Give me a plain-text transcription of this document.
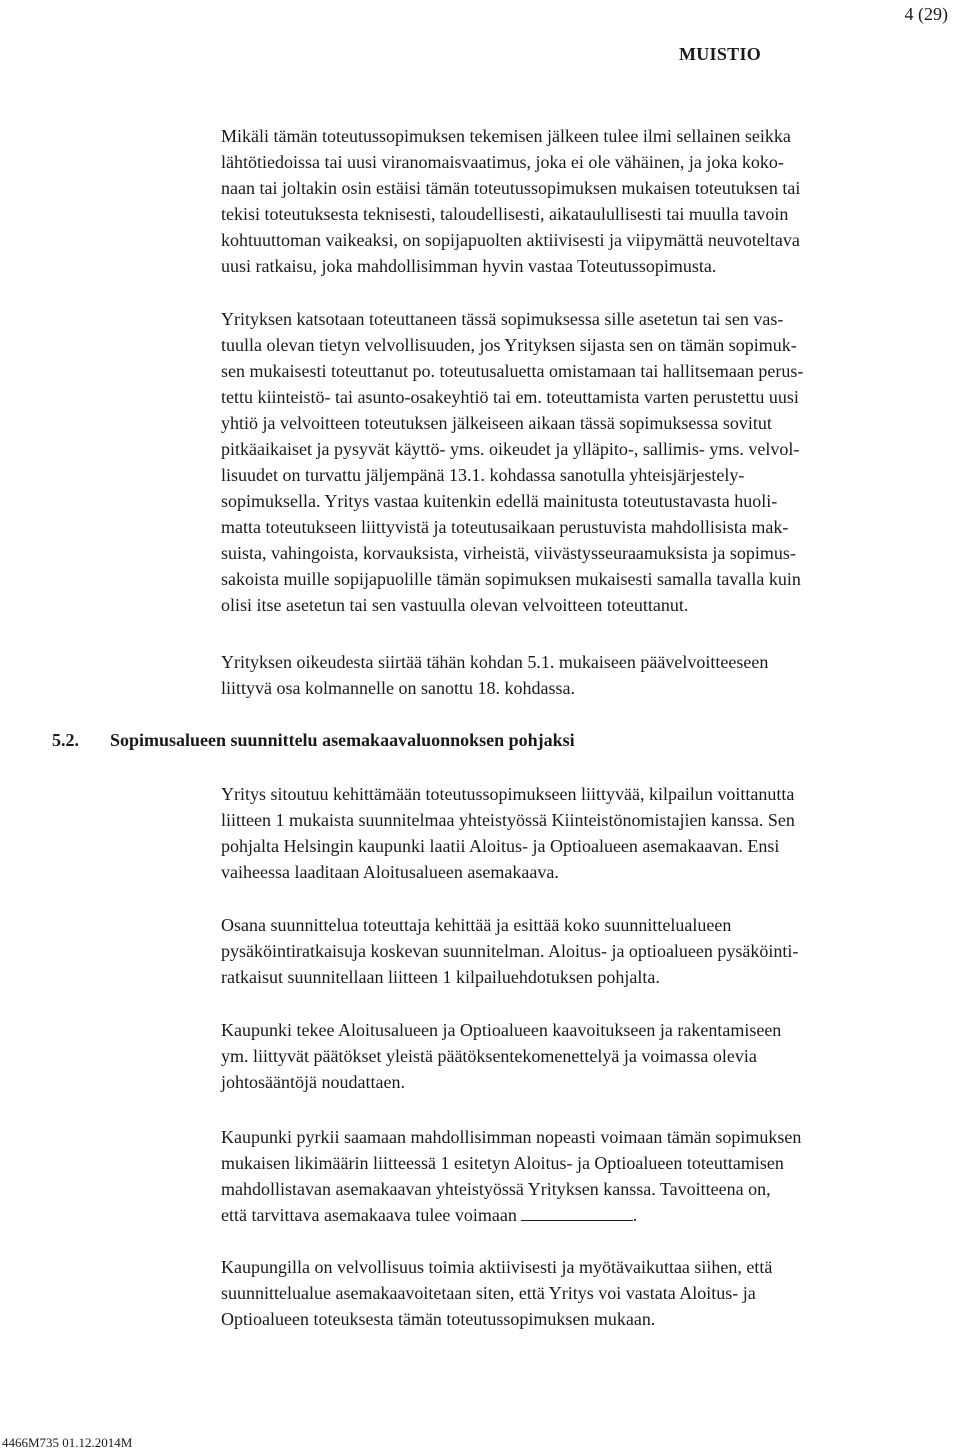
4 (29)
MUISTIO
Mikäli tämän toteutussopimuksen tekemisen jälkeen tulee ilmi sellainen seikka
lähtötiedoissa tai uusi viranomaisvaatimus, joka ei ole vähäinen, ja joka koko-
naan tai joltakin osin estäisi tämän toteutussopimuksen mukaisen toteutuksen tai
tekisi toteutuksesta teknisesti, taloudellisesti, aikataulullisesti tai muulla tavoin
kohtuuttoman vaikeaksi, on sopijapuolten aktiivisesti ja viipymättä neuvoteltava
uusi ratkaisu, joka mahdollisimman hyvin vastaa Toteutussopimusta.
Yrityksen katsotaan toteuttaneen tässä sopimuksessa sille asetetun tai sen vas-
tuulla olevan tietyn velvollisuuden, jos Yrityksen sijasta sen on tämän sopimuk-
sen mukaisesti toteuttanut po. toteutusaluetta omistamaan tai hallitsemaan perus-
tettu kiinteistö- tai asunto-osakeyhtiö tai em. toteuttamista varten perustettu uusi
yhtiö ja velvoitteen toteutuksen jälkeiseen aikaan tässä sopimuksessa sovitut
pitkäaikaiset ja pysyvät käyttö- yms. oikeudet ja ylläpito-, sallimis- yms. velvol-
lisuudet on turvattu jäljempänä 13.1. kohdassa sanotulla yhteisjärjestely-
sopimuksella. Yritys vastaa kuitenkin edellä mainitusta toteutustavasta huoli-
matta toteutukseen liittyvistä ja toteutusaikaan perustuvista mahdollisista mak-
suista, vahingoista, korvauksista, virheistä, viivästysseuraamuksista ja sopimus-
sakoista muille sopijapuolille tämän sopimuksen mukaisesti samalla tavalla kuin
olisi itse asetetun tai sen vastuulla olevan velvoitteen toteuttanut.
Yrityksen oikeudesta siirtää tähän kohdan 5.1. mukaiseen päävelvoitteeseen
liittyvä osa kolmannelle on sanottu 18. kohdassa.
5.2. Sopimusalueen suunnittelu asemakaavaluonnoksen pohjaksi
Yritys sitoutuu kehittämään toteutussopimukseen liittyvää, kilpailun voittanutta
liitteen 1 mukaista suunnitelmaa yhteistyössä Kiinteistönomistajien kanssa. Sen
pohjalta Helsingin kaupunki laatii Aloitus- ja Optioalueen asemakaavan. Ensi
vaiheessa laaditaan Aloitusalueen asemakaava.
Osana suunnittelua toteuttaja kehittää ja esittää koko suunnittelualueen
pysäköintiratkaisuja koskevan suunnitelman. Aloitus- ja optioalueen pysäköinti-
ratkaisut suunnitellaan liitteen 1 kilpailuehdotuksen pohjalta.
Kaupunki tekee Aloitusalueen ja Optioalueen kaavoitukseen ja rakentamiseen
ym. liittyvät päätökset yleistä päätöksentekomenettelyä ja voimassa olevia
johtosääntöjä noudattaen.
Kaupunki pyrkii saamaan mahdollisimman nopeasti voimaan tämän sopimuksen
mukaisen likimäärin liitteessä 1 esitetyn Aloitus- ja Optioalueen toteuttamisen
mahdollistavan asemakaavan yhteistyössä Yrityksen kanssa. Tavoitteena on,
että tarvittava asemakaava tulee voimaan	.
Kaupungilla on velvollisuus toimia aktiivisesti ja myötävaikuttaa siihen, että
suunnittelualue asemakaavoitetaan siten, että Yritys voi vastata Aloitus- ja
Optioalueen toteuksesta tämän toteutussopimuksen mukaan.
4466M735 01.12.2014M
